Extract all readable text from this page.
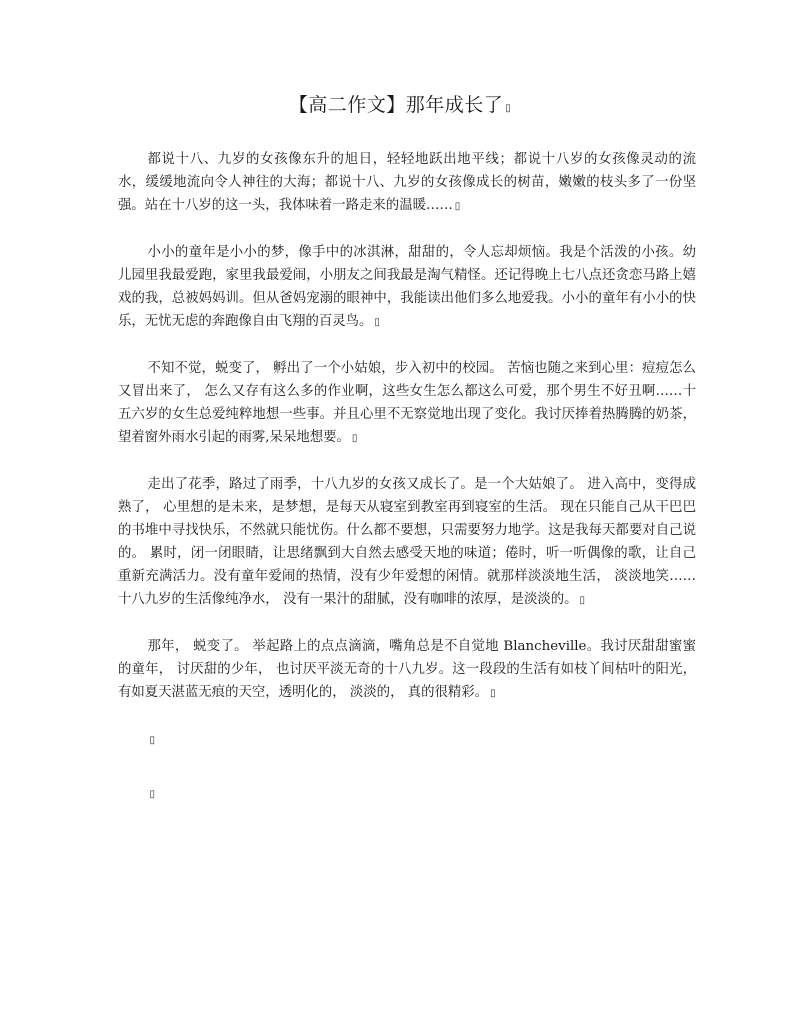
【高二作文】那年成长了 ▯

都说十八、九岁的女孩像东升的旭日，轻轻地跃出地平线；都说十八岁的女孩像灵动的流水，缓缓地流向令人神往的大海；都说十八、九岁的女孩像成长的树苗，嫩嫩的枝头多了一份坚强。站在十八岁的这一头，我体味着一路走来的温暖…… ▯

小小的童年是小小的梦，像手中的冰淇淋，甜甜的，令人忘却烦恼。我是个活泼的小孩。幼儿园里我最爱跑，家里我最爱闹，小朋友之间我最是淘气精怪。还记得晚上七八点还贪恋马路上嬉戏的我，总被妈妈训。但从爸妈宠溺的眼神中，我能读出他们多么地爱我。小小的童年有小小的快乐，无忧无虑的奔跑像自由飞翔的百灵鸟。 ▯

不知不觉，蜕变了， 孵出了一个小姑娘，步入初中的校园。 苦恼也随之来到心里：痘痘怎么又冒出来了， 怎么又存有这么多的作业啊，这些女生怎么都这么可爱，那个男生不好丑啊……十五六岁的女生总爱纯粹地想一些事。并且心里不无察觉地出现了变化。我讨厌捧着热腾腾的奶茶，望着窗外雨水引起的雨雾,呆呆地想要。 ▯

走出了花季，路过了雨季，十八九岁的女孩又成长了。是一个大姑娘了。 进入高中，变得成熟了， 心里想的是未来，是梦想，是每天从寝室到教室再到寝室的生活。 现在只能自己从干巴巴的书堆中寻找快乐，不然就只能忧伤。什么都不要想，只需要努力地学。这是我每天都要对自己说的。 累时，闭一闭眼睛，让思绪飘到大自然去感受天地的味道；倦时，听一听偶像的歌，让自己重新充满活力。没有童年爱闹的热情，没有少年爱想的闲情。就那样淡淡地生活， 淡淡地笑……十八九岁的生活像纯净水， 没有一果汁的甜腻，没有咖啡的浓厚，是淡淡的。 ▯

那年， 蜕变了。 举起路上的点点滴滴，嘴角总是不自觉地 Blancheville。我讨厌甜甜蜜蜜的童年， 讨厌甜的少年， 也讨厌平淡无奇的十八九岁。这一段段的生活有如枝丫间枯叶的阳光，有如夏天湛蓝无痕的天空，透明化的， 淡淡的， 真的很精彩。 ▯

▯

▯
